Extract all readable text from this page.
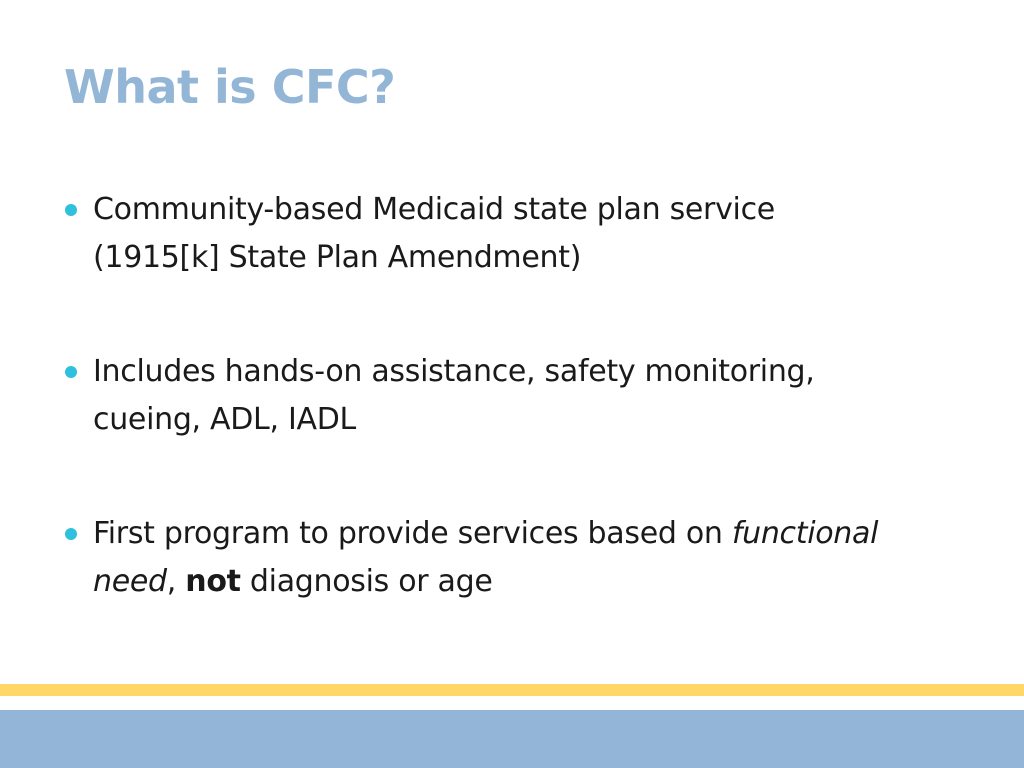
What is CFC?
Community-based Medicaid state plan service
(1915[k] State Plan Amendment)
Includes hands-on assistance, safety monitoring,
cueing, ADL, IADL
First program to provide services based on functional need, not diagnosis or age
